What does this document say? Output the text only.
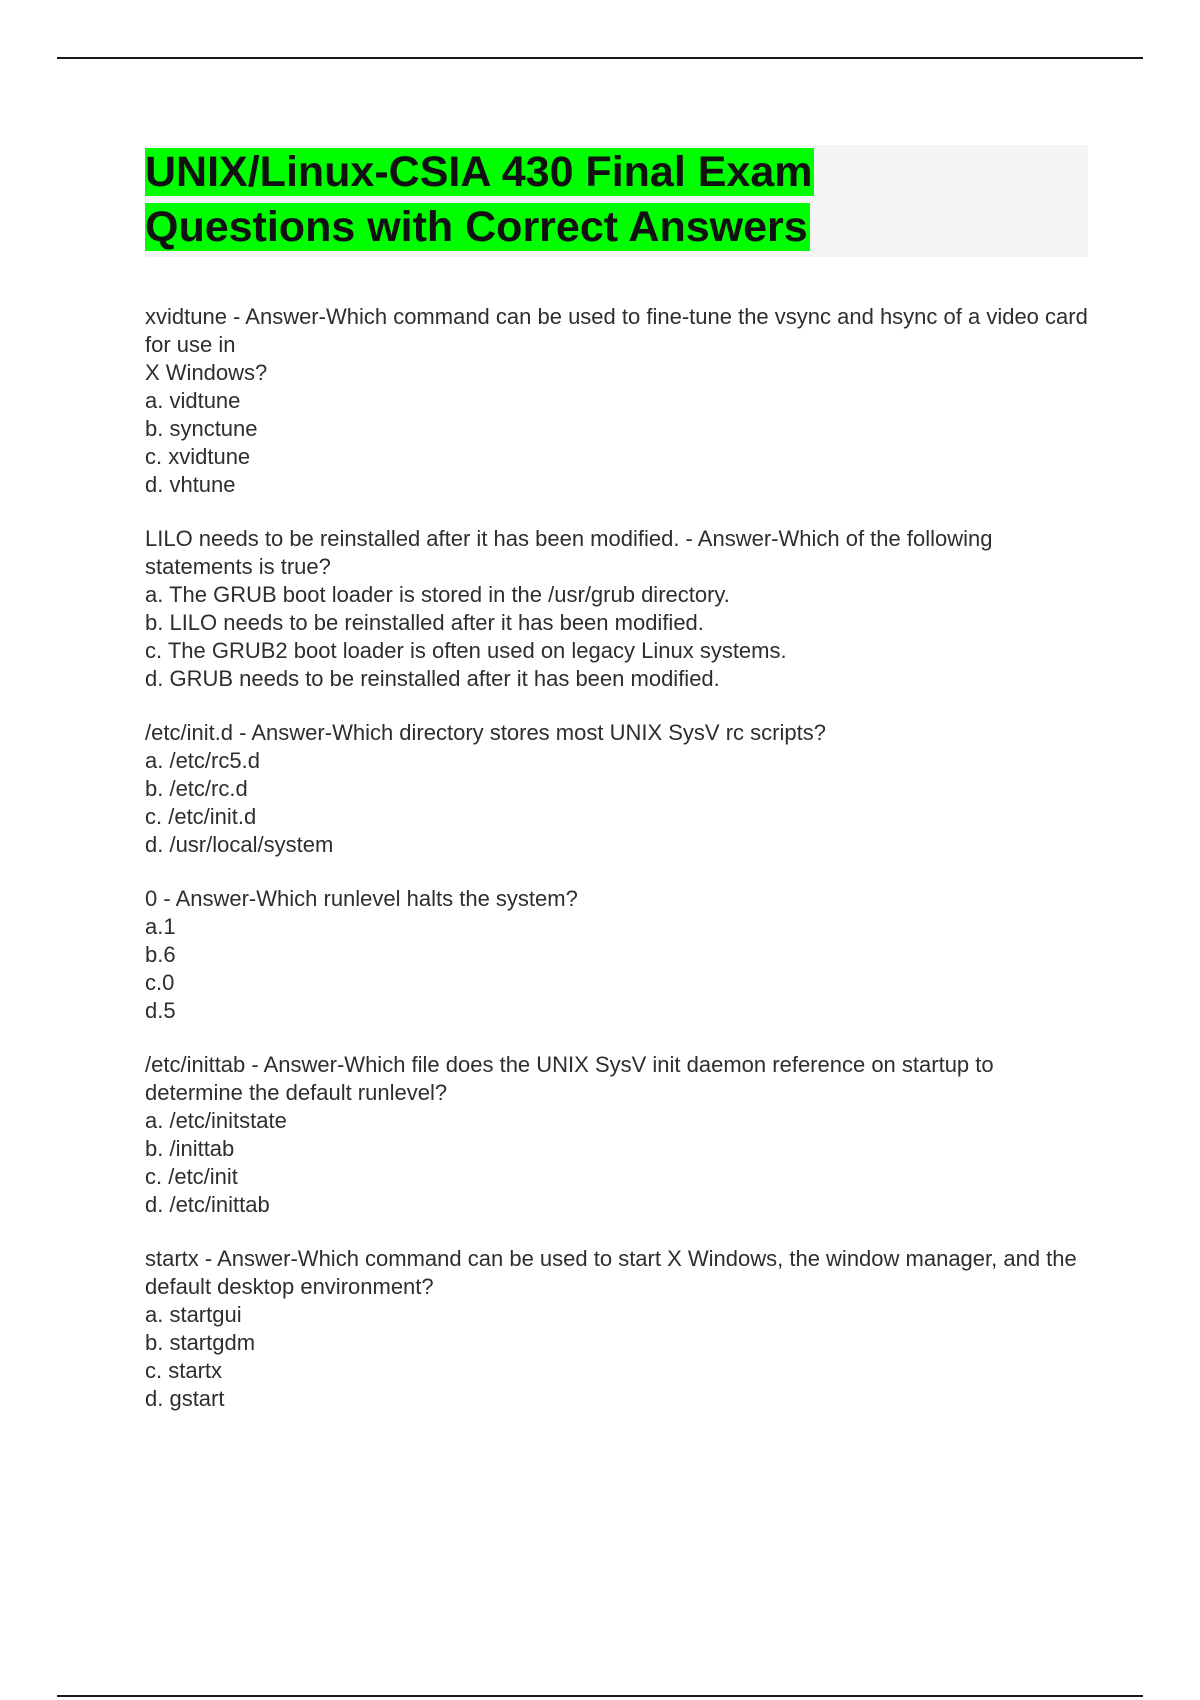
UNIX/Linux-CSIA 430 Final Exam
Questions with Correct Answers
xvidtune - Answer-Which command can be used to fine-tune the vsync and hsync of a video card for use in
X Windows?
a. vidtune
b. synctune
c. xvidtune
d. vhtune
LILO needs to be reinstalled after it has been modified. - Answer-Which of the following statements is true?
a. The GRUB boot loader is stored in the /usr/grub directory.
b. LILO needs to be reinstalled after it has been modified.
c. The GRUB2 boot loader is often used on legacy Linux systems.
d. GRUB needs to be reinstalled after it has been modified.
/etc/init.d - Answer-Which directory stores most UNIX SysV rc scripts?
a. /etc/rc5.d
b. /etc/rc.d
c. /etc/init.d
d. /usr/local/system
0 - Answer-Which runlevel halts the system?
a.1
b.6
c.0
d.5
/etc/inittab - Answer-Which file does the UNIX SysV init daemon reference on startup to determine the default runlevel?
a. /etc/initstate
b. /inittab
c. /etc/init
d. /etc/inittab
startx - Answer-Which command can be used to start X Windows, the window manager, and the default desktop environment?
a. startgui
b. startgdm
c. startx
d. gstart
